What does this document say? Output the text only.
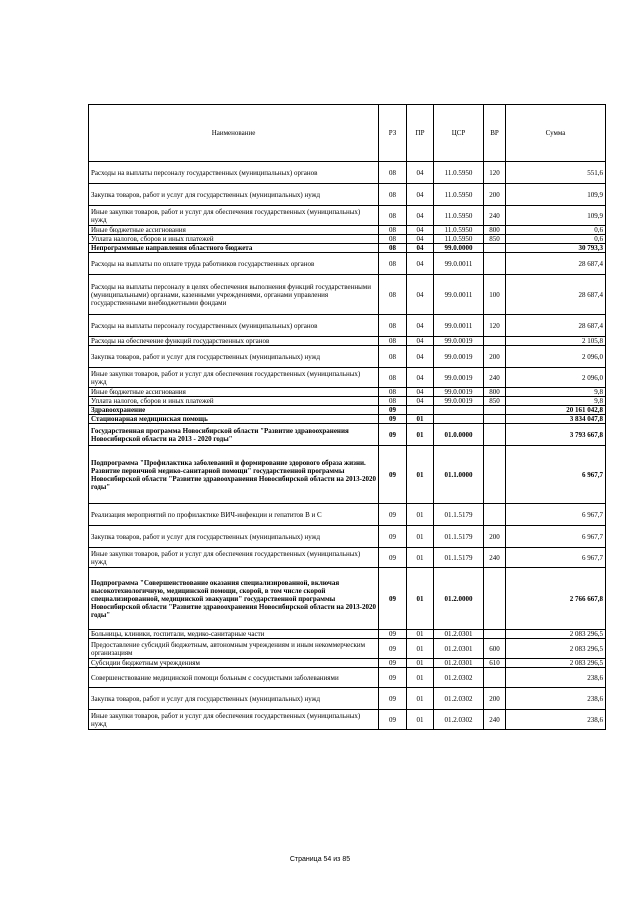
Наименование	РЗ	ПР	ЦСР	ВР	Сумма
Расходы на выплаты персоналу государственных (муниципальных) органов	08	04	11.0.5950	120	551,6
Закупка товаров, работ и услуг для государственных (муниципальных) нужд	08	04	11.0.5950	200	109,9
Иные закупки товаров, работ и услуг для обеспечения государственных (муниципальных) нужд	08	04	11.0.5950	240	109,9
Иные бюджетные ассигнования	08	04	11.0.5950	800	0,6
Уплата налогов, сборов и иных платежей	08	04	11.0.5950	850	0,6
Непрограммные направления областного бюджета	08	04	99.0.0000		30 793,3
Расходы на выплаты по оплате труда работников государственных органов	08	04	99.0.0011		28 687,4
Расходы на выплаты персоналу в целях обеспечения выполнения функций государственными (муниципальными) органами, казенными учреждениями, органами управления государственными внебюджетными фондами	08	04	99.0.0011	100	28 687,4
Расходы на выплаты персоналу государственных (муниципальных) органов	08	04	99.0.0011	120	28 687,4
Расходы на обеспечение функций государственных органов	08	04	99.0.0019		2 105,8
Закупка товаров, работ и услуг для государственных (муниципальных) нужд	08	04	99.0.0019	200	2 096,0
Иные закупки товаров, работ и услуг для обеспечения государственных (муниципальных) нужд	08	04	99.0.0019	240	2 096,0
Иные бюджетные ассигнования	08	04	99.0.0019	800	9,8
Уплата налогов, сборов и иных платежей	08	04	99.0.0019	850	9,8
Здравоохранение	09				20 161 042,8
Стационарная медицинская помощь	09	01			3 834 047,8
Государственная программа Новосибирской области "Развитие здравоохранения Новосибирской области на 2013 - 2020 годы"	09	01	01.0.0000		3 793 667,8
Подпрограмма "Профилактика заболеваний и формирование здорового образа жизни. Развитие первичной медико-санитарной помощи" государственной программы Новосибирской области "Развитие здравоохранения Новосибирской области на 2013-2020 годы"	09	01	01.1.0000		6 967,7
Реализация мероприятий по профилактике ВИЧ-инфекции и гепатитов В и С	09	01	01.1.5179		6 967,7
Закупка товаров, работ и услуг для государственных (муниципальных) нужд	09	01	01.1.5179	200	6 967,7
Иные закупки товаров, работ и услуг для обеспечения государственных (муниципальных) нужд	09	01	01.1.5179	240	6 967,7
Подпрограмма "Совершенствование оказания специализированной, включая высокотехнологичную, медицинской помощи, скорой, в том числе скорой специализированной, медицинской эвакуации" государственной программы Новосибирской области "Развитие здравоохранения Новосибирской области на 2013-2020 годы"	09	01	01.2.0000		2 766 667,8
Больницы, клиники, госпитали, медико-санитарные части	09	01	01.2.0301		2 083 296,5
Предоставление субсидий бюджетным, автономным учреждениям и иным некоммерческим организациям	09	01	01.2.0301	600	2 083 296,5
Субсидии бюджетным учреждениям	09	01	01.2.0301	610	2 083 296,5
Совершенствование медицинской помощи больным с сосудистыми заболеваниями	09	01	01.2.0302		238,6
Закупка товаров, работ и услуг для государственных (муниципальных) нужд	09	01	01.2.0302	200	238,6
Иные закупки товаров, работ и услуг для обеспечения государственных (муниципальных) нужд	09	01	01.2.0302	240	238,6
Страница 54 из 85
